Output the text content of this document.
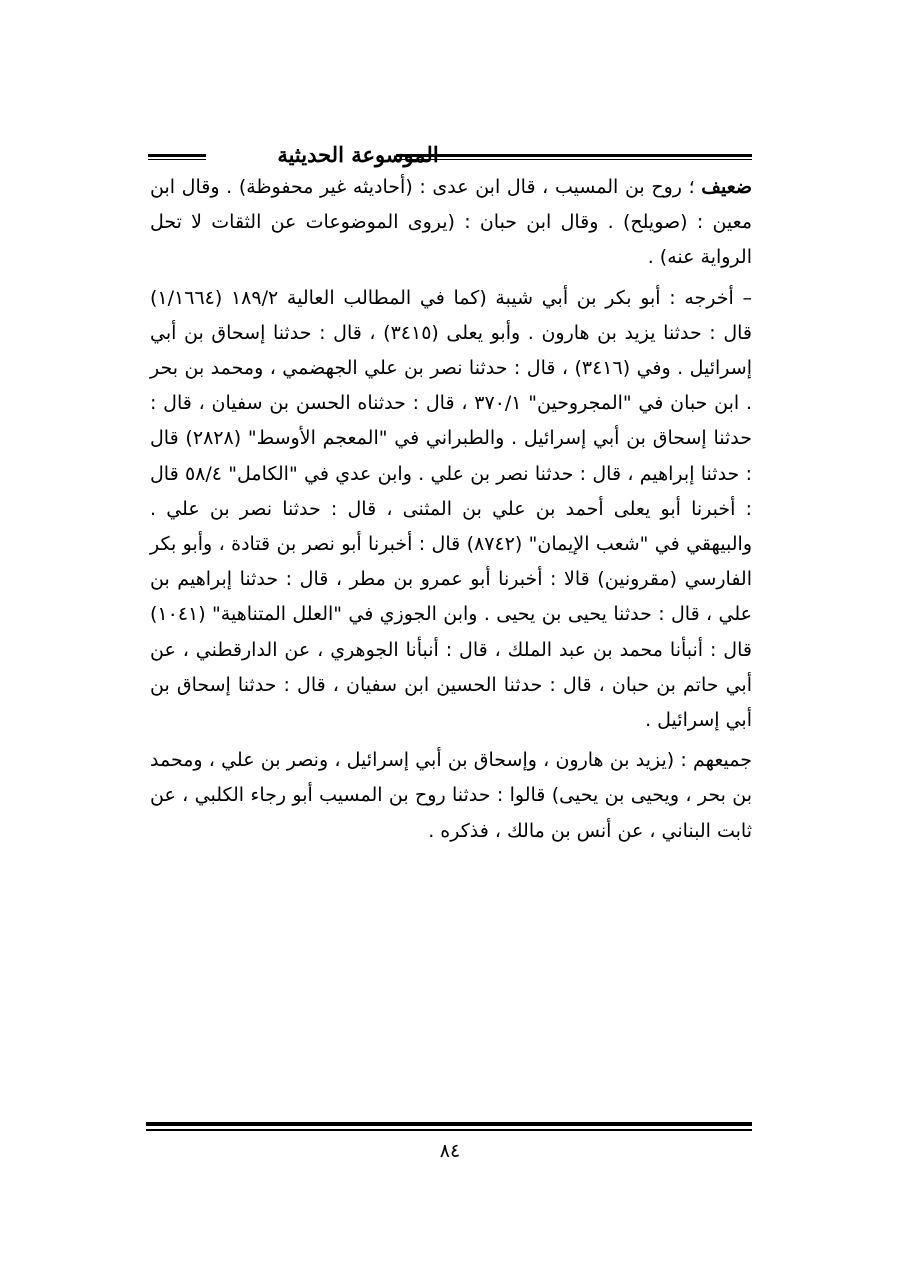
الموسوعة الحديثية

ضعيف ؛ روح بن المسيب ، قال ابن عدى : (أحاديثه غير محفوظة) . وقال ابن معين : (صويلح) . وقال ابن حبان : (يروى الموضوعات عن الثقات لا تحل الرواية عنه) .

– أخرجه : أبو بكر بن أبي شيبة (كما في المطالب العالية ١٨٩/٢ (١/١٦٦٤) قال : حدثنا يزيد بن هارون . وأبو يعلى (٣٤١٥) ، قال : حدثنا إسحاق بن أبي إسرائيل . وفي (٣٤١٦) ، قال : حدثنا نصر بن علي الجهضمي ، ومحمد بن بحر . ابن حبان في "المجروحين" ٣٧٠/١ ، قال : حدثناه الحسن بن سفيان ، قال : حدثنا إسحاق بن أبي إسرائيل . والطبراني في "المعجم الأوسط" (٢٨٢٨) قال : حدثنا إبراهيم ، قال : حدثنا نصر بن علي . وابن عدي في "الكامل" ٥٨/٤ قال : أخبرنا أبو يعلى أحمد بن علي بن المثنى ، قال : حدثنا نصر بن علي . والبيهقي في "شعب الإيمان" (٨٧٤٢) قال : أخبرنا أبو نصر بن قتادة ، وأبو بكر الفارسي (مقرونين) قالا : أخبرنا أبو عمرو بن مطر ، قال : حدثنا إبراهيم بن علي ، قال : حدثنا يحيى بن يحيى . وابن الجوزي في "العلل المتناهية" (١٠٤١) قال : أنبأنا محمد بن عبد الملك ، قال : أنبأنا الجوهري ، عن الدارقطني ، عن أبي حاتم بن حبان ، قال : حدثنا الحسين ابن سفيان ، قال : حدثنا إسحاق بن أبي إسرائيل .

جميعهم : (يزيد بن هارون ، وإسحاق بن أبي إسرائيل ، ونصر بن علي ، ومحمد بن بحر ، ويحيى بن يحيى) قالوا : حدثنا روح بن المسيب أبو رجاء الكلبي ، عن ثابت البناني ، عن أنس بن مالك ، فذكره .

٨٤
